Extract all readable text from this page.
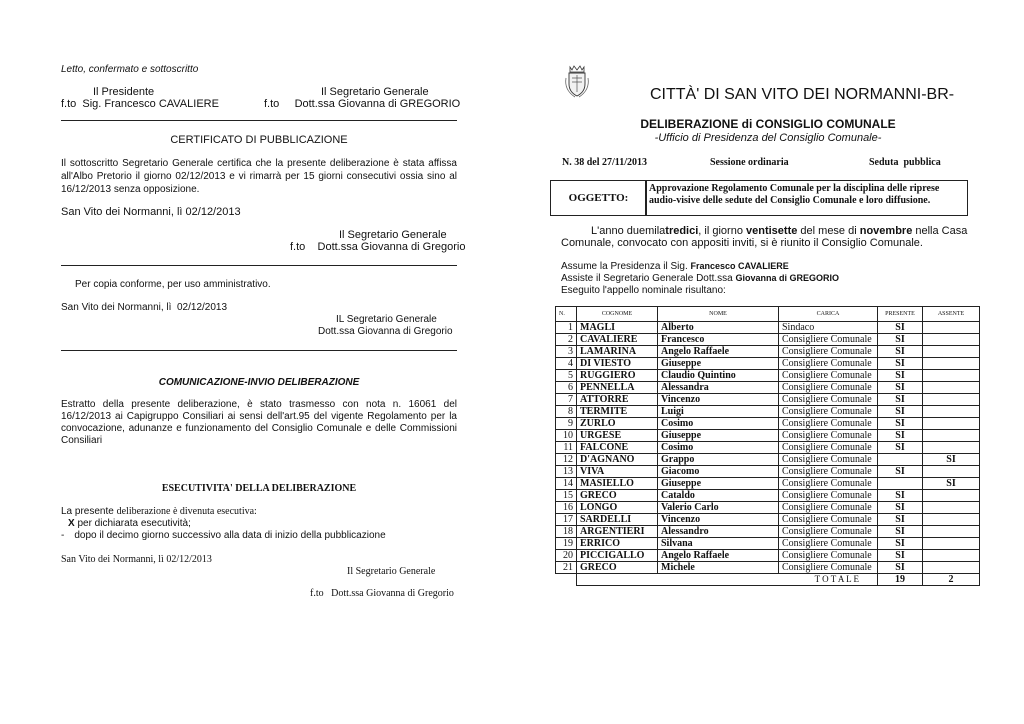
Letto, confermato e sottoscritto
Il Presidente
f.to  Sig. Francesco CAVALIERE
Il Segretario Generale
f.to     Dott.ssa Giovanna di GREGORIO
CERTIFICATO DI PUBBLICAZIONE
Il sottoscritto Segretario Generale certifica che la presente deliberazione è stata affissa all'Albo Pretorio il giorno 02/12/2013 e vi rimarrà per 15 giorni consecutivi ossia sino al 16/12/2013 senza opposizione.
San Vito dei Normanni, lì 02/12/2013
Il Segretario Generale
f.to    Dott.ssa Giovanna di Gregorio
Per copia conforme, per uso amministrativo.
San Vito dei Normanni, lì  02/12/2013
IL Segretario Generale
Dott.ssa Giovanna di Gregorio
COMUNICAZIONE-INVIO DELIBERAZIONE
Estratto della presente deliberazione, è stato trasmesso con nota n. 16061 del 16/12/2013 ai Capigruppo Consiliari ai sensi dell'art.95 del vigente Regolamento per la convocazione, adunanze e funzionamento del Consiglio Comunale e delle Commissioni Consiliari
ESECUTIVITA' DELLA DELIBERAZIONE
La presente deliberazione è divenuta esecutiva:
X per dichiarata esecutività;
- dopo il decimo giorno successivo alla data di inizio della pubblicazione
San Vito dei Normanni, lì 02/12/2013
Il Segretario Generale
f.to   Dott.ssa Giovanna di Gregorio
CITTÀ' DI SAN VITO DEI NORMANNI-BR-
DELIBERAZIONE di CONSIGLIO COMUNALE
-Ufficio di Presidenza del Consiglio Comunale-
N. 38 del 27/11/2013	Sessione ordinaria	Seduta  pubblica
OGGETTO:
Approvazione Regolamento Comunale per la disciplina delle riprese audio-visive delle sedute del Consiglio Comunale e loro diffusione.
L'anno duemilatredici, il giorno ventisette del mese di novembre nella Casa Comunale, convocato con appositi inviti, si è riunito il Consiglio Comunale.
Assume la Presidenza il Sig. Francesco CAVALIERE
Assiste il Segretario Generale Dott.ssa Giovanna di GREGORIO
Eseguito l'appello nominale risultano:
N.	COGNOME	NOME	CARICA	PRESENTE	ASSENTE
1	MAGLI	Alberto	Sindaco	SI	
2	CAVALIERE	Francesco	Consigliere Comunale	SI	
3	LAMARINA	Angelo Raffaele	Consigliere Comunale	SI	
4	DI VIESTO	Giuseppe	Consigliere Comunale	SI	
5	RUGGIERO	Claudio Quintino	Consigliere Comunale	SI	
6	PENNELLA	Alessandra	Consigliere Comunale	SI	
7	ATTORRE	Vincenzo	Consigliere Comunale	SI	
8	TERMITE	Luigi	Consigliere Comunale	SI	
9	ZURLO	Cosimo	Consigliere Comunale	SI	
10	URGESE	Giuseppe	Consigliere Comunale	SI	
11	FALCONE	Cosimo	Consigliere Comunale	SI	
12	D'AGNANO	Grappo	Consigliere Comunale		SI
13	VIVA	Giacomo	Consigliere Comunale	SI	
14	MASIELLO	Giuseppe	Consigliere Comunale		SI
15	GRECO	Cataldo	Consigliere Comunale	SI	
16	LONGO	Valerio Carlo	Consigliere Comunale	SI	
17	SARDELLI	Vincenzo	Consigliere Comunale	SI	
18	ARGENTIERI	Alessandro	Consigliere Comunale	SI	
19	ERRICO	Silvana	Consigliere Comunale	SI	
20	PICCIGALLO	Angelo Raffaele	Consigliere Comunale	SI	
21	GRECO	Michele	Consigliere Comunale	SI	
	T O T A L E			19	2
